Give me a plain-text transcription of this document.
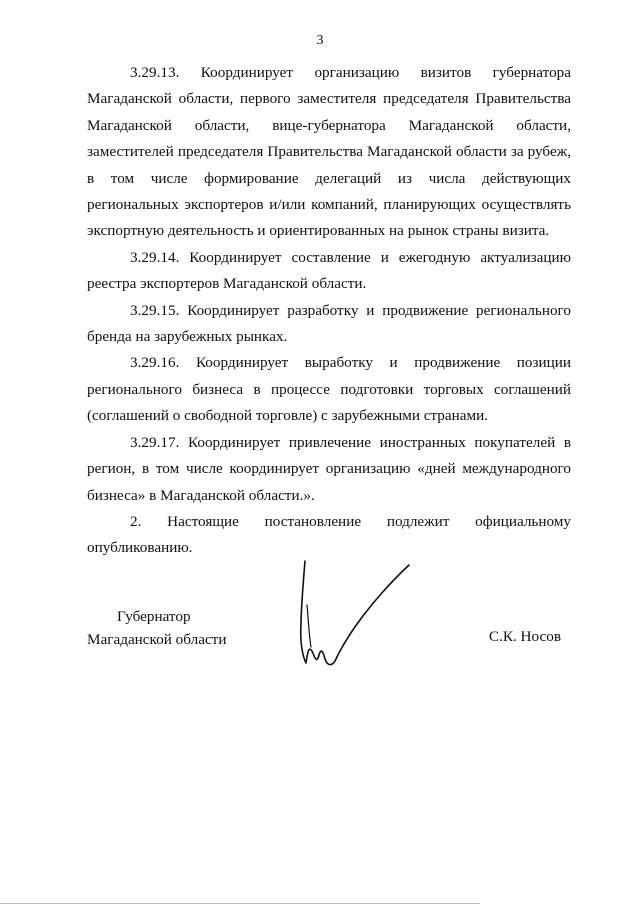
3

3.29.13. Координирует организацию визитов губернатора Магаданской области, первого заместителя председателя Правительства Магаданской области, вице-губернатора Магаданской области, заместителей председателя Правительства Магаданской области за рубеж, в том числе формирование делегаций из числа действующих региональных экспортеров и/или компаний, планирующих осуществлять экспортную деятельность и ориентированных на рынок страны визита.

3.29.14. Координирует составление и ежегодную актуализацию реестра экспортеров Магаданской области.

3.29.15. Координирует разработку и продвижение регионального бренда на зарубежных рынках.

3.29.16. Координирует выработку и продвижение позиции регионального бизнеса в процессе подготовки торговых соглашений (соглашений о свободной торговле) с зарубежными странами.

3.29.17. Координирует привлечение иностранных покупателей в регион, в том числе координирует организацию «дней международного бизнеса» в Магаданской области.».

2. Настоящие постановление подлежит официальному опубликованию.

Губернатор
Магаданской области	С.К. Носов
